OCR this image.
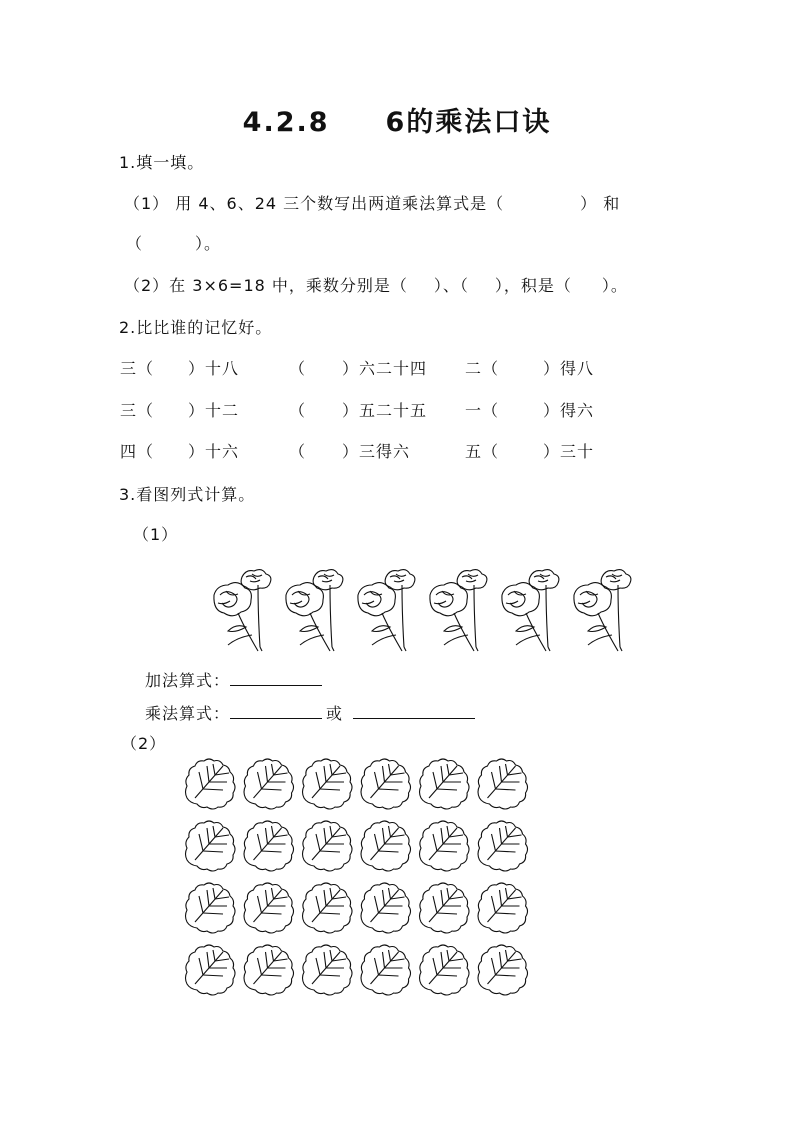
4.2.8 6的乘法口诀
1.填一填。
（1） 用 4、6、24 三个数写出两道乘法算式是（	） 和
（	）。
（2）在 3×6=18 中，乘数分别是（ ）、（ ），积是（ ）。
2.比比谁的记忆好。
三（ ）十八	（ ）六二十四 二（	）得八
三（ ）十二	（ ）五二十五 一（	）得六
四（ ）十六	（ ）三得六	五（	）三十
3.看图列式计算。
（1）
加法算式：
乘法算式：	或
（2）
